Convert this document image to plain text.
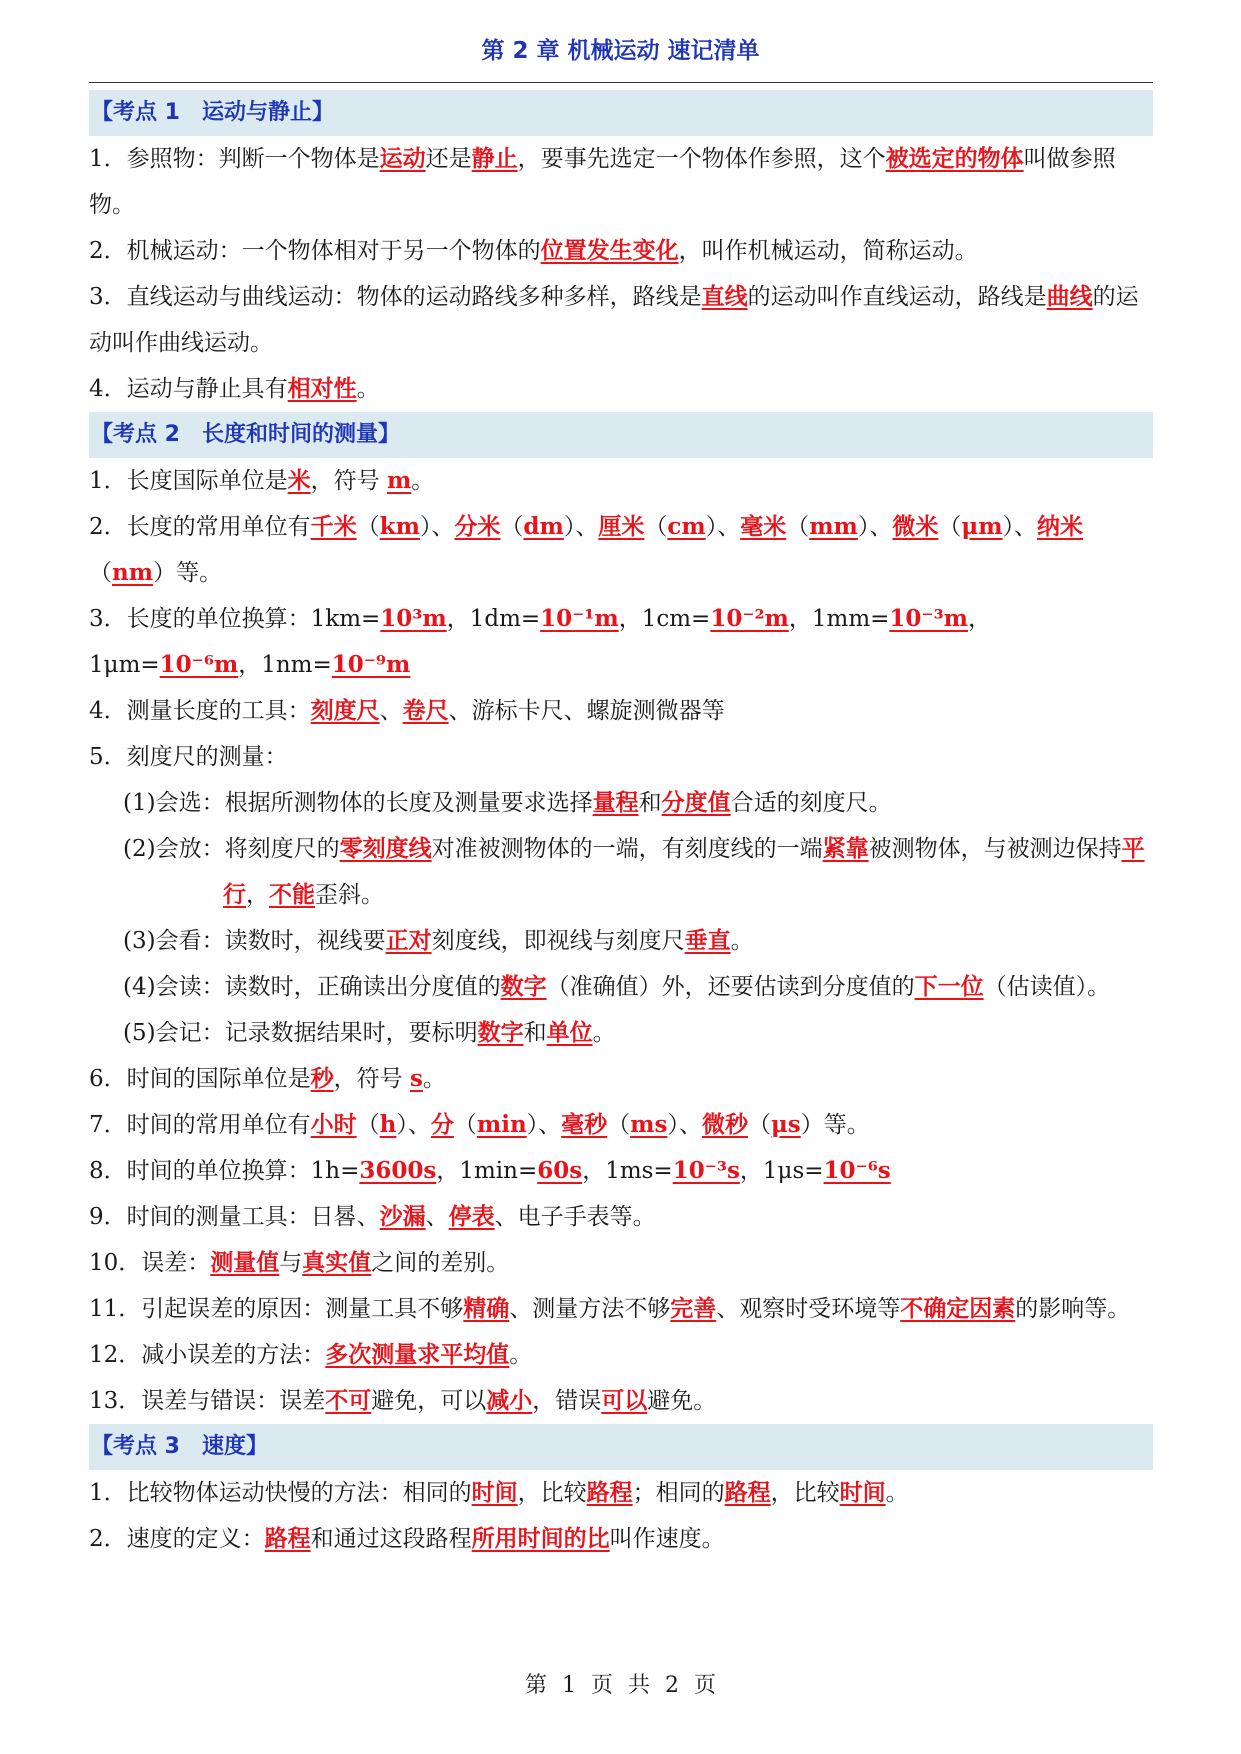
第 2 章 机械运动 速记清单
【考点 1 运动与静止】

1．参照物：判断一个物体是运动还是静止，要事先选定一个物体作参照，这个被选定的物体叫做参照物。

2．机械运动：一个物体相对于另一个物体的位置发生变化，叫作机械运动，简称运动。

3．直线运动与曲线运动：物体的运动路线多种多样，路线是直线的运动叫作直线运动，路线是曲线的运动叫作曲线运动。

4．运动与静止具有相对性。

【考点 2 长度和时间的测量】

1．长度国际单位是米，符号 m。

2．长度的常用单位有千米（km）、分米（dm）、厘米（cm）、毫米（mm）、微米（μm）、纳米（nm）等。

3．长度的单位换算：1km=10³m，1dm=10⁻¹m，1cm=10⁻²m，1mm=10⁻³m，1μm=10⁻⁶m，1nm=10⁻⁹m

4．测量长度的工具：刻度尺、卷尺、游标卡尺、螺旋测微器等

5．刻度尺的测量：

(1)会选：根据所测物体的长度及测量要求选择量程和分度值合适的刻度尺。

(2)会放：将刻度尺的零刻度线对准被测物体的一端，有刻度线的一端紧靠被测物体，与被测边保持平行，不能歪斜。

(3)会看：读数时，视线要正对刻度线，即视线与刻度尺垂直。

(4)会读：读数时，正确读出分度值的数字（准确值）外，还要估读到分度值的下一位（估读值）。

(5)会记：记录数据结果时，要标明数字和单位。

6．时间的国际单位是秒，符号 s。

7．时间的常用单位有小时（h）、分（min）、毫秒（ms）、微秒（μs）等。

8．时间的单位换算：1h=3600s，1min=60s，1ms=10⁻³s，1μs=10⁻⁶s

9．时间的测量工具：日晷、沙漏、停表、电子手表等。

10．误差：测量值与真实值之间的差别。

11．引起误差的原因：测量工具不够精确、测量方法不够完善、观察时受环境等不确定因素的影响等。

12．减小误差的方法：多次测量求平均值。

13．误差与错误：误差不可避免，可以减小，错误可以避免。

【考点 3 速度】

1．比较物体运动快慢的方法：相同的时间，比较路程；相同的路程，比较时间。

2．速度的定义：路程和通过这段路程所用时间的比叫作速度。

第 1 页 共 2 页
